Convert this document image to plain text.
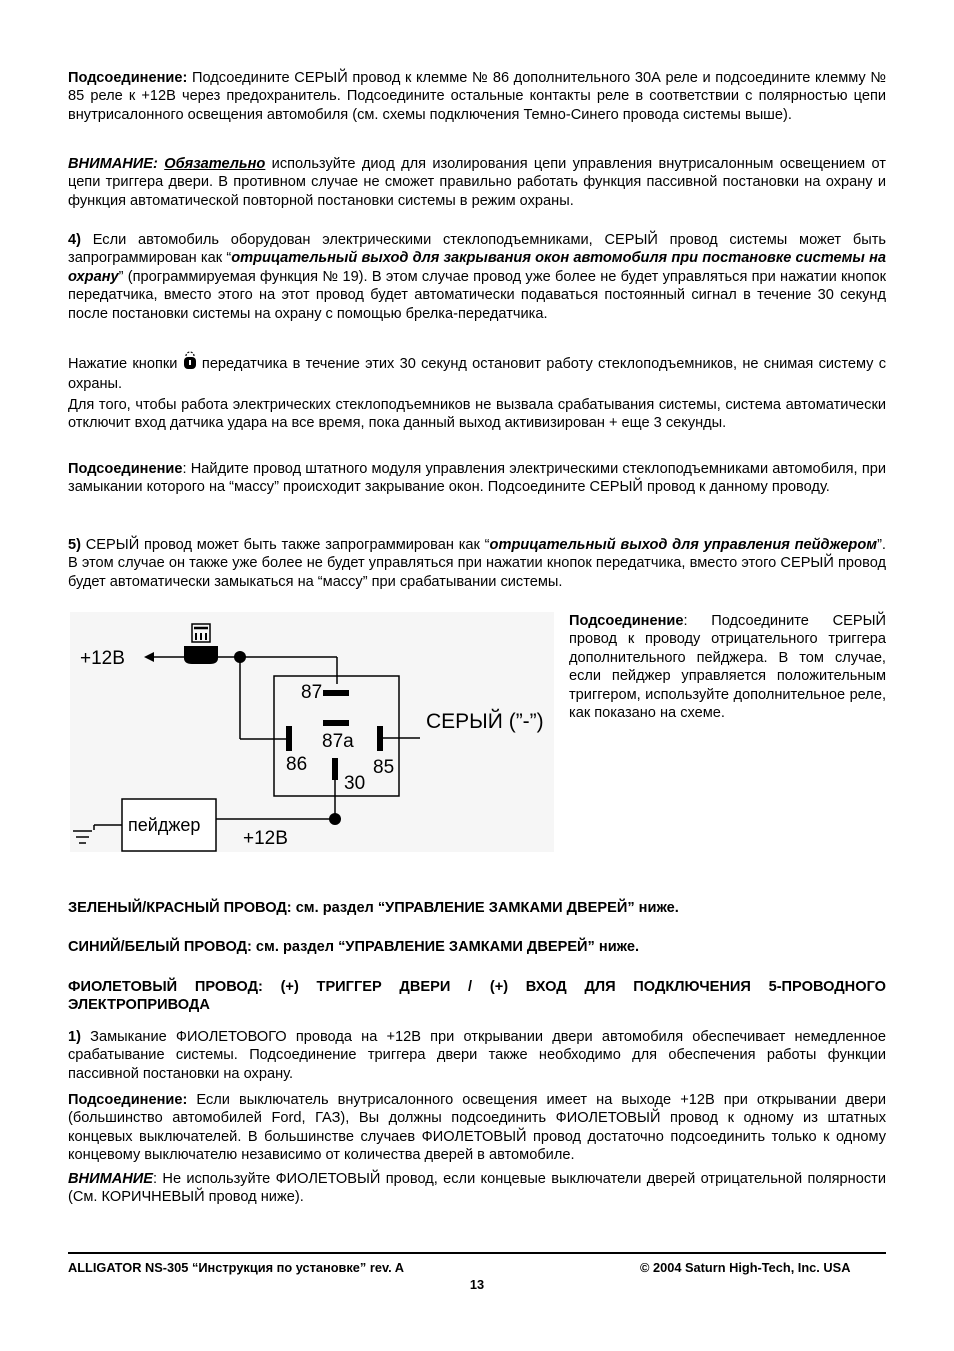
Подсоединение: Подсоедините СЕРЫЙ провод к клемме № 86 дополнительного 30А реле и подсоедините клемму № 85 реле к +12В через предохранитель. Подсоедините остальные контакты реле в соответствии с полярностью цепи внутрисалонного освещения автомобиля (см. схемы подключения Темно-Синего провода системы выше).

ВНИМАНИЕ: Обязательно используйте диод для изолирования цепи управления внутрисалонным освещением от цепи триггера двери. В противном случае не сможет правильно работать функция пассивной постановки на охрану и функция автоматической повторной постановки системы в режим охраны.

4) Если автомобиль оборудован электрическими стеклоподъемниками, СЕРЫЙ провод системы может быть запрограммирован как “отрицательный выход для закрывания окон автомобиля при постановке системы на охрану” (программируемая функция № 19). В этом случае провод уже более не будет управляться при нажатии кнопок передатчика, вместо этого на этот провод будет автоматически подаваться постоянный сигнал в течение 30 секунд после постановки системы на охрану с помощью брелка-передатчика.

Нажатие кнопки  передатчика в течение этих 30 секунд остановит работу стеклоподъемников, не снимая систему с охраны.

Для того, чтобы работа электрических стеклоподъемников не вызвала срабатывания системы, система автоматически отключит вход датчика удара на все время, пока данный выход активизирован + еще 3 секунды.

Подсоединение: Найдите провод штатного модуля управления электрическими стеклоподъемниками автомобиля, при замыкании которого на “массу” происходит закрывание окон. Подсоедините СЕРЫЙ провод к данному проводу.

5) СЕРЫЙ провод может быть также запрограммирован как “отрицательный выход для управления пейджером”. В этом случае он также уже более не будет управляться при нажатии кнопок передатчика, вместо этого СЕРЫЙ провод будет автоматически замыкаться на “массу” при срабатывании системы.

Подсоединение: Подсоедините СЕРЫЙ провод к проводу отрицательного триггера дополнительного пейджера. В том случае, если пейджер управляется положительным триггером, используйте дополнительное реле, как показано на схеме.

+12В
87
87a
86	85
30
СЕРЫЙ (”-”)
+12В
пейджер

ЗЕЛЕНЫЙ/КРАСНЫЙ ПРОВОД: см. раздел “УПРАВЛЕНИЕ ЗАМКАМИ ДВЕРЕЙ” ниже.

СИНИЙ/БЕЛЫЙ ПРОВОД: см. раздел “УПРАВЛЕНИЕ ЗАМКАМИ ДВЕРЕЙ” ниже.

ФИОЛЕТОВЫЙ ПРОВОД: (+) ТРИГГЕР ДВЕРИ / (+) ВХОД ДЛЯ ПОДКЛЮЧЕНИЯ 5-ПРОВОДНОГО ЭЛЕКТРОПРИВОДА

1) Замыкание ФИОЛЕТОВОГО провода на +12В при открывании двери автомобиля обеспечивает немедленное срабатывание системы. Подсоединение триггера двери также необходимо для обеспечения работы функции пассивной постановки на охрану.

Подсоединение: Если выключатель внутрисалонного освещения имеет на выходе +12В при открывании двери (большинство автомобилей Ford, ГАЗ), Вы должны подсоединить ФИОЛЕТОВЫЙ провод к одному из штатных концевых выключателей. В большинстве случаев ФИОЛЕТОВЫЙ провод достаточно подсоединить только к одному концевому выключателю независимо от количества дверей в автомобиле.

ВНИМАНИЕ: Не используйте ФИОЛЕТОВЫЙ провод, если концевые выключатели дверей отрицательной полярности (См. КОРИЧНЕВЫЙ провод ниже).

ALLIGATOR NS-305 “Инструкция по установке” rev. A	© 2004 Saturn High-Tech, Inc. USA
13
